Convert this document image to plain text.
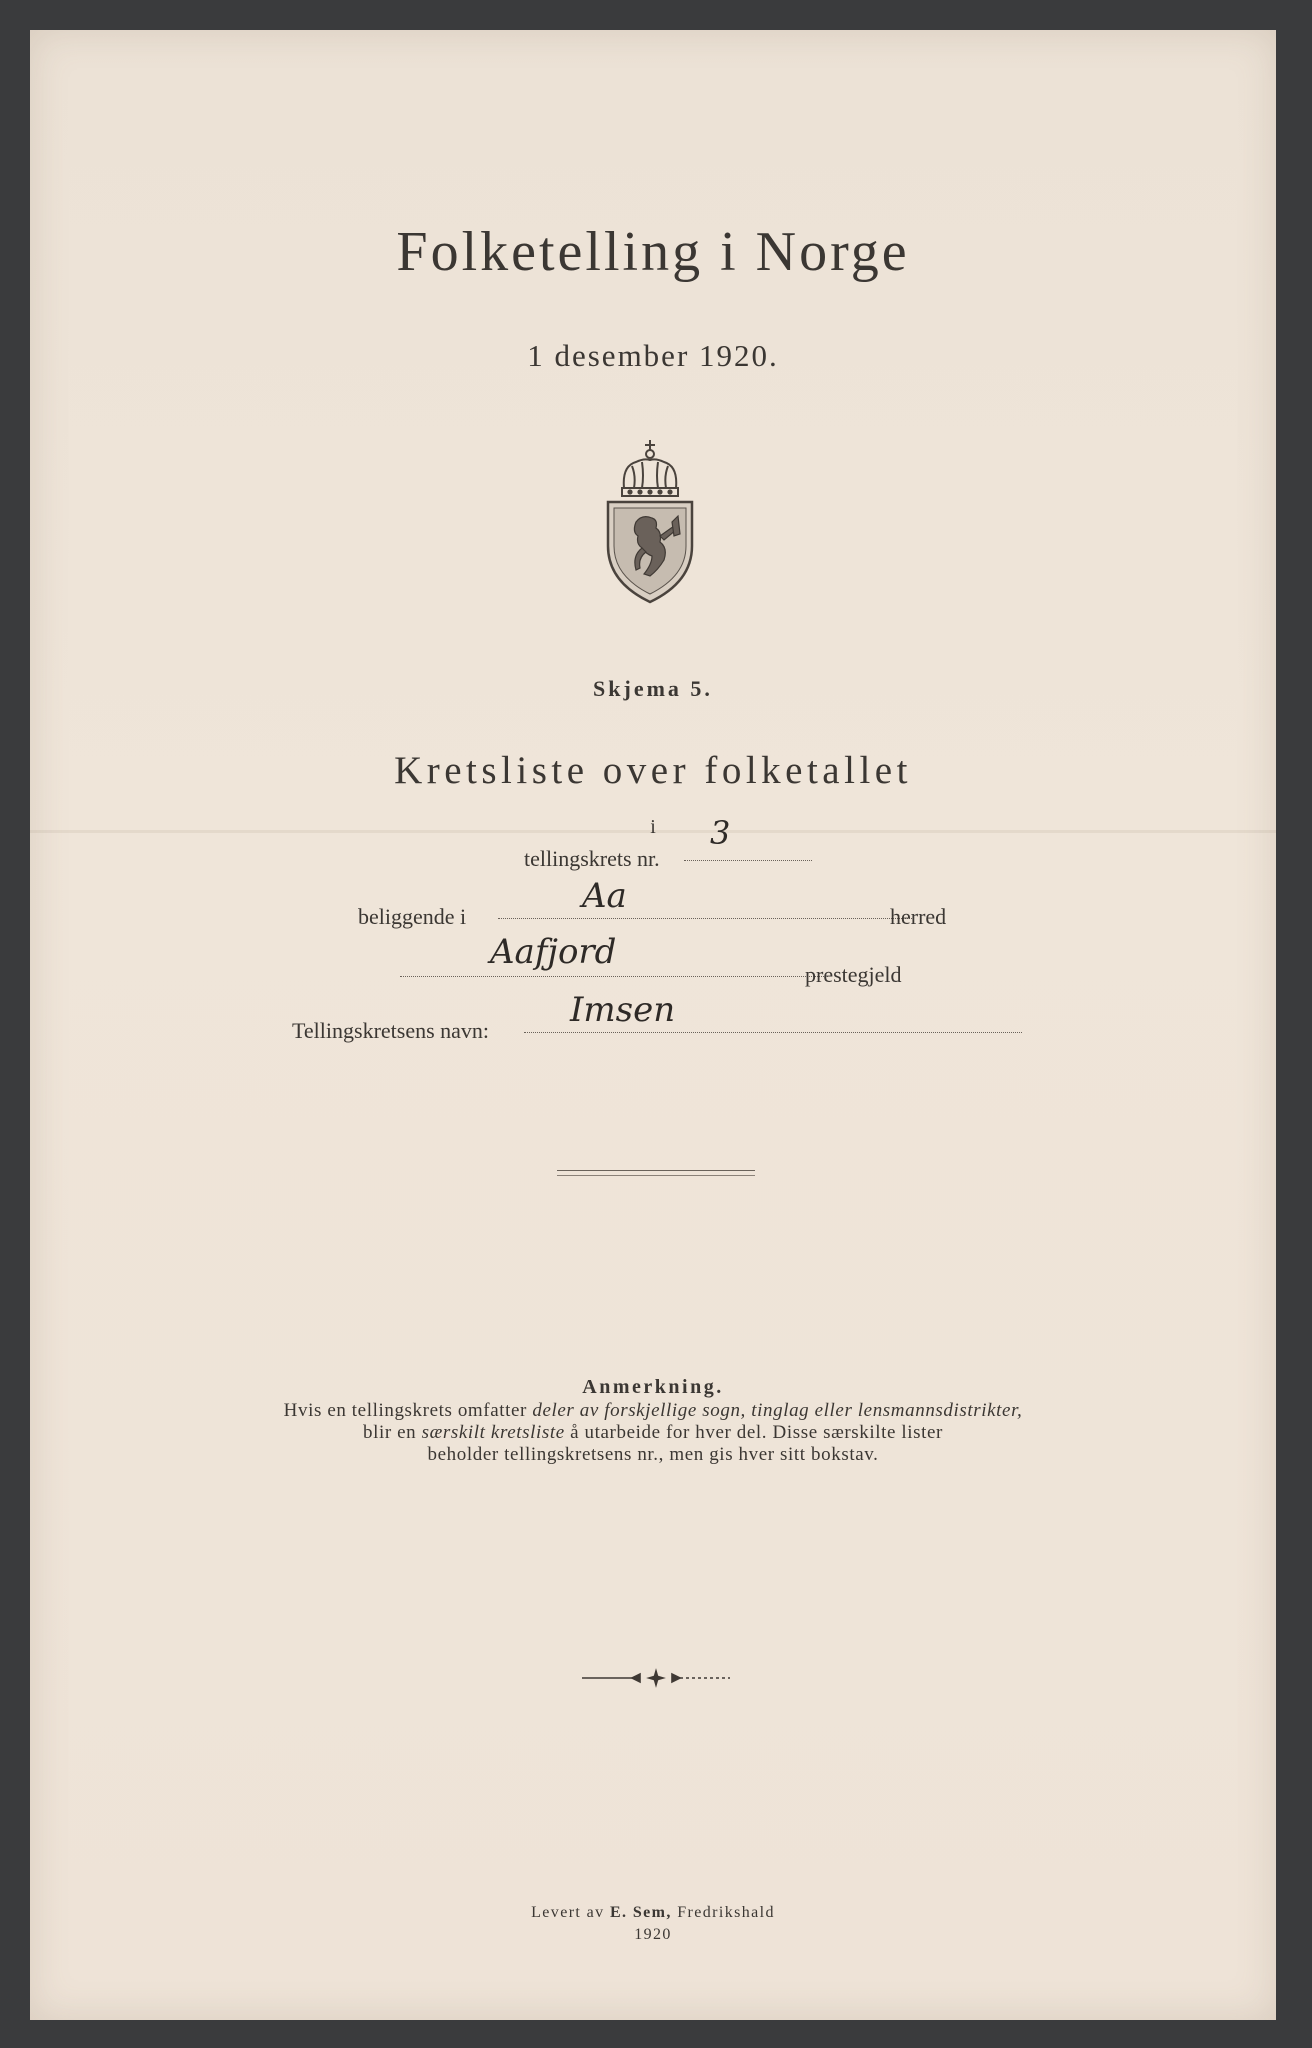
Folketelling i Norge
1 desember 1920.
Skjema 5.
Kretsliste over folketallet
i
tellingskrets nr.
3
beliggende i
Aa
herred
Aafjord
prestegjeld
Tellingskretsens navn:
Imsen
Anmerkning.
Hvis en tellingskrets omfatter deler av forskjellige sogn, tinglag eller lensmannsdistrikter,
blir en særskilt kretsliste å utarbeide for hver del. Disse særskilte lister
beholder tellingskretsens nr., men gis hver sitt bokstav.
Levert av E. Sem, Fredrikshald
1920
